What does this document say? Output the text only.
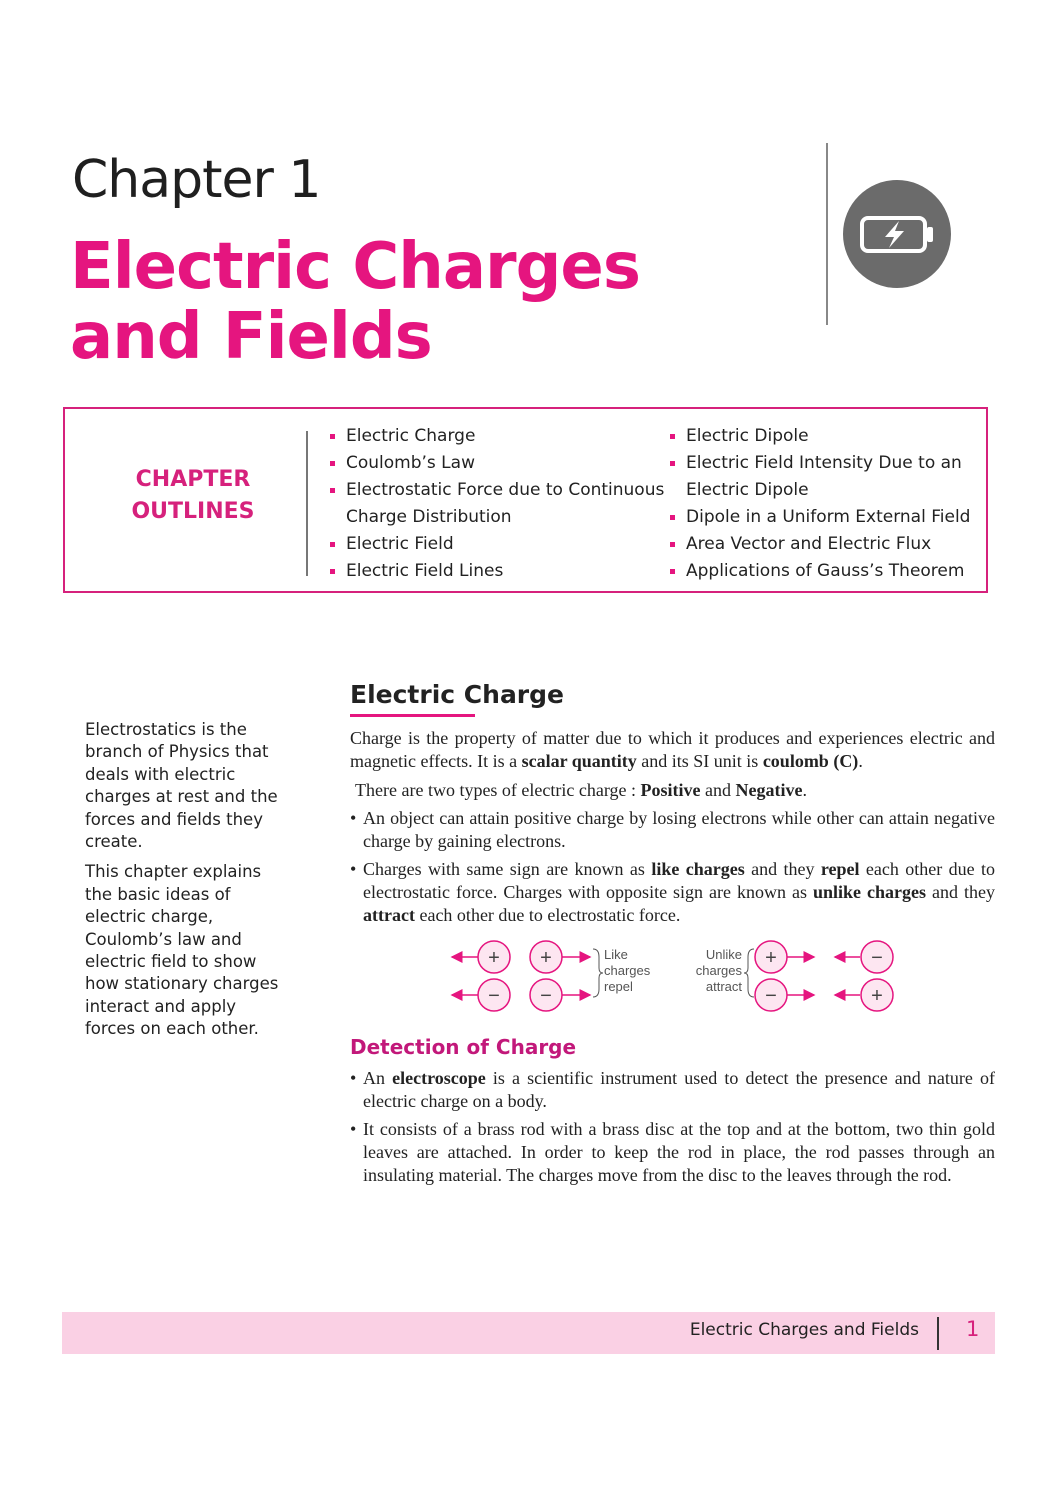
Chapter 1
Electric Charges
and Fields
CHAPTER
OUTLINES
Electric Charge
Coulomb’s Law
Electrostatic Force due to Continuous
Charge Distribution
Electric Field
Electric Field Lines
Electric Dipole
Electric Field Intensity Due to an
Electric Dipole
Dipole in a Uniform External Field
Area Vector and Electric Flux
Applications of Gauss’s Theorem

Electrostatics is the branch of Physics that deals with electric charges at rest and the forces and fields they create.

This chapter explains the basic ideas of electric charge, Coulomb’s law and electric field to show how stationary charges interact and apply forces on each other.

Electric Charge

Charge is the property of matter due to which it produces and experiences electric and magnetic effects. It is a scalar quantity and its SI unit is coulomb (C).

There are two types of electric charge : Positive and Negative.

• An object can attain positive charge by losing electrons while other can attain negative charge by gaining electrons.
• Charges with same sign are known as like charges and they repel each other due to electrostatic force. Charges with opposite sign are known as unlike charges and they attract each other due to electrostatic force.
+ +
− −
+	−
−	+
Like
charges
repel
Unlike
charges
attract
Detection of Charge
• An electroscope is a scientific instrument used to detect the presence and nature of electric charge on a body.
• It consists of a brass rod with a brass disc at the top and at the bottom, two thin gold leaves are attached. In order to keep the rod in place, the rod passes through an insulating material. The charges move from the disc to the leaves through the rod.
Electric Charges and Fields 1
